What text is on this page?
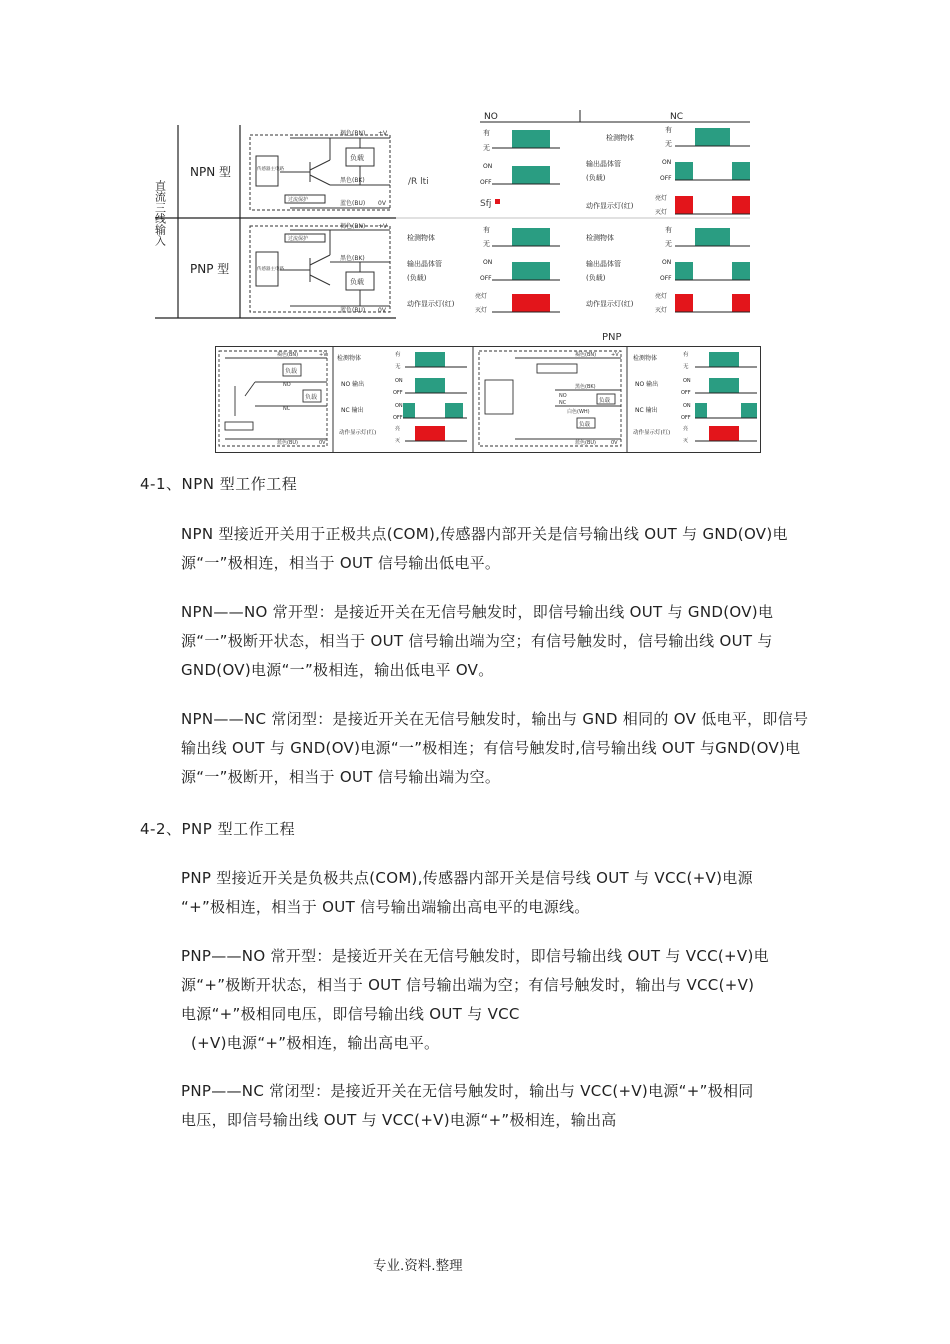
直流三线输入
NPN 型
PNP 型
褐色(BN) +V
负载
黑色(BK)
蓝色(BU) 0V
传感器主电路
过流保护
褐色(BN) +V
黑色(BK)
负载
蓝色(BU) 0V
传感器主电路
过流保护
NO	NC
有
无
ON
OFF
/R lti
Sfj
检测物体
有
无
输出晶体管
(负载)
ON
OFF
动作显示灯(红)
亮灯
灭灯
检测物体
有
无
输出晶体管
(负载)
ON
OFF
动作显示灯(红)
亮灯
灭灯
检测物体
有
无
输出晶体管
(负载)
ON
OFF
动作显示灯(红)
亮灯
灭灯
PNP
褐色(BN)
负载
NO
负载
NC
蓝色(BU)
+V
0V
检测物体	有
无
NO 输出	ON
OFF
NC 输出
ON
OFF
动作显示灯(红)
亮
灭
褐色(BN)
黑色(BK)
NO
NC
白色(WH)
负载
负载
蓝色(BU)
+V
0V
检测物体	有
无
NO 输出	ON
OFF
NC 输出
ON
OFF
动作显示灯(红)
亮
灭
4-1、NPN 型工作工程

NPN 型接近开关用于正极共点(COM),传感器内部开关是信号输出线 OUT 与 GND(OV)电源“一”极相连，相当于 OUT 信号输出低电平。

NPN——NO 常开型：是接近开关在无信号触发时，即信号输出线 OUT 与 GND(OV)电源“一”极断开状态，相当于 OUT 信号输出端为空；有信号触发时，信号输出线 OUT 与 GND(OV)电源“一”极相连，输出低电平 OV。

NPN——NC 常闭型：是接近开关在无信号触发时，输出与 GND 相同的 OV 低电平，即信号输出线 OUT 与 GND(OV)电源“一”极相连；有信号触发时,信号输出线 OUT 与GND(OV)电源“一”极断开，相当于 OUT 信号输出端为空。

4-2、PNP 型工作工程

PNP 型接近开关是负极共点(COM),传感器内部开关是信号线 OUT 与 VCC(+V)电源

“+”极相连，相当于 OUT 信号输出端输出高电平的电源线。

PNP——NO 常开型：是接近开关在无信号触发时，即信号输出线 OUT 与 VCC(+V)电

源“+”极断开状态，相当于 OUT 信号输出端为空；有信号触发时，输出与 VCC(+V)

电源“+”极相同电压，即信号输出线 OUT 与 VCC

(+V)电源“+”极相连，输出高电平。

PNP——NC 常闭型：是接近开关在无信号触发时，输出与 VCC(+V)电源“+”极相同

电压，即信号输出线 OUT 与 VCC(+V)电源“+”极相连，输出高

专业.资料.整理
